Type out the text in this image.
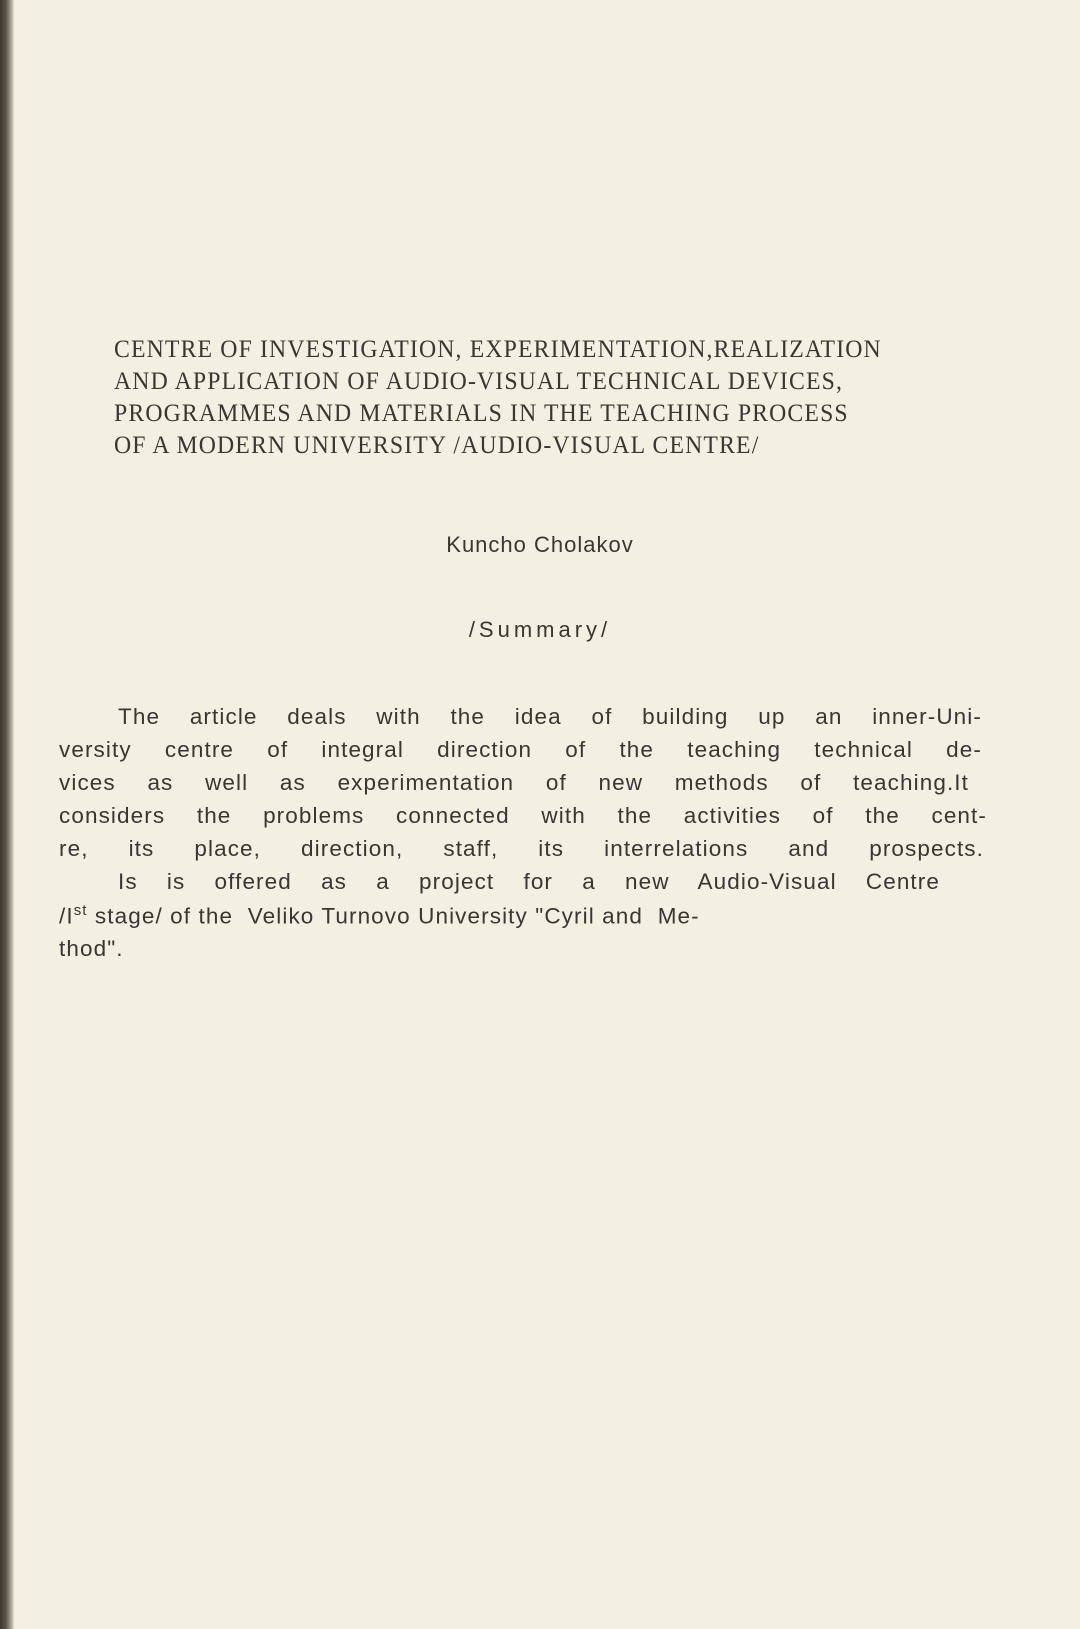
CENTRE OF INVESTIGATION, EXPERIMENTATION,REALIZATION
AND APPLICATION OF AUDIO-VISUAL TECHNICAL DEVICES,
PROGRAMMES AND MATERIALS IN THE TEACHING PROCESS
OF A MODERN UNIVERSITY /AUDIO-VISUAL CENTRE/
Kuncho Cholakov
/Summary/
The article deals with the idea of building up an inner-Uni-
versity centre of integral direction of the teaching technical de-
vices as well as experimentation of new methods of teaching.It
considers the problems connected with the activities of the cent-
re, its place, direction, staff, its interrelations and prospects.
Is is offered as a project for a new Audio-Visual Centre
/Ist stage/ of the  Veliko Turnovo University "Cyril and  Me-
thod".
